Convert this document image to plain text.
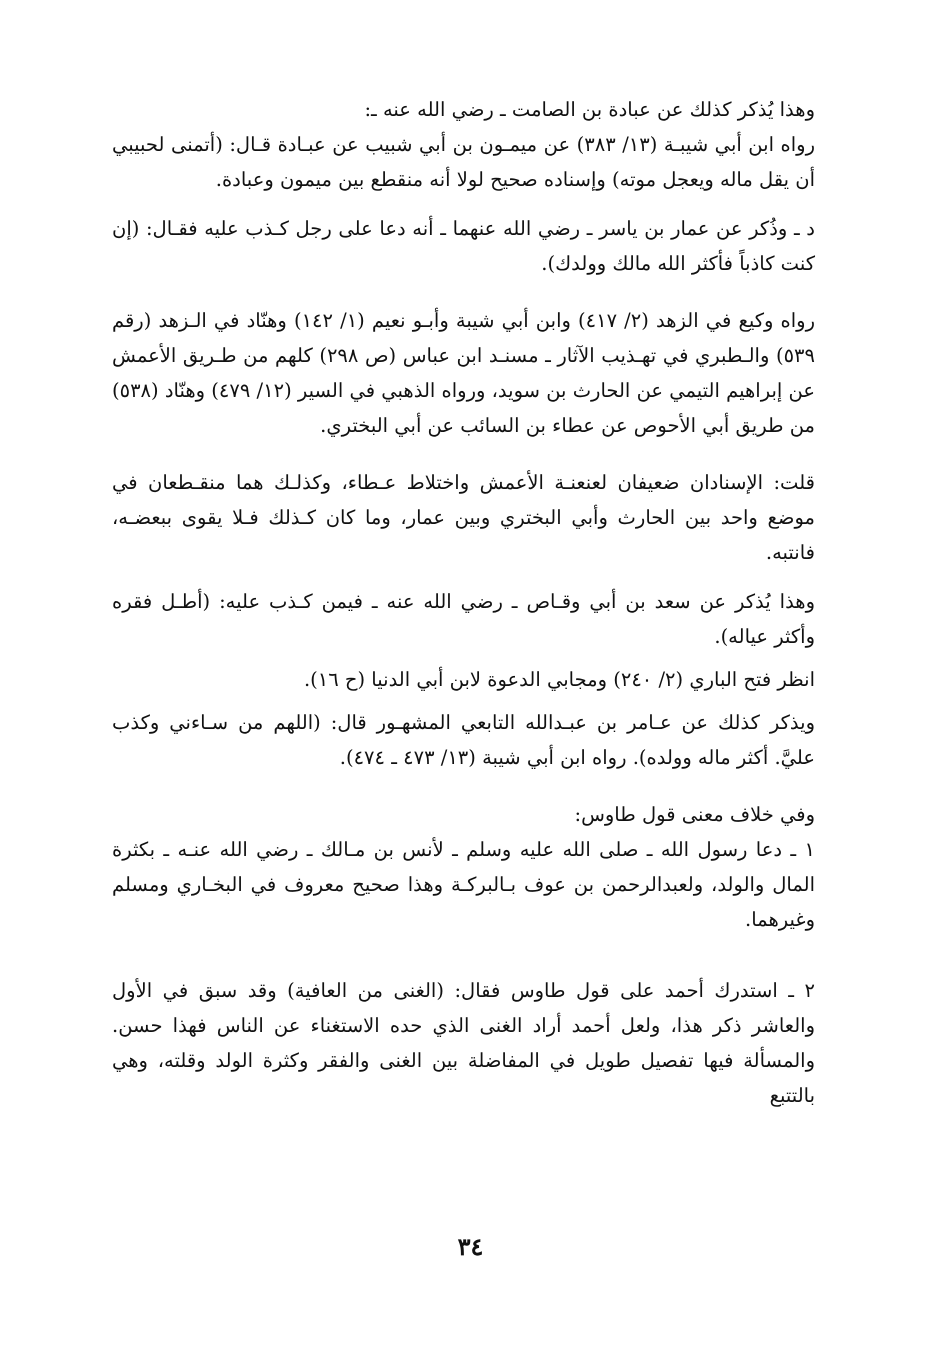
وهذا يُذكر كذلك عن عبادة بن الصامت ـ رضي الله عنه ـ:

رواه ابن أبي شيبـة (١٣/ ٣٨٣) عن ميمـون بن أبي شبيب عن عبـادة قـال: (أتمنى لحبيبي أن يقل ماله ويعجل موته) وإسناده صحيح لولا أنه منقطع بين ميمون وعبادة.

د ـ وذُكر عن عمار بن ياسر ـ رضي الله عنهما ـ أنه دعا على رجل كـذب عليه فقـال: (إن كنت كاذباً فأكثر الله مالك وولدك).

رواه وكيع في الزهد (٢/ ٤١٧) وابن أبي شيبة وأبـو نعيم (١/ ١٤٢) وهنّاد في الـزهد (رقم ٥٣٩) والـطبري في تهـذيب الآثار ـ مسنـد ابن عباس (ص ٢٩٨) كلهم من طـريق الأعمش عن إبراهيم التيمي عن الحارث بن سويد، ورواه الذهبي في السير (١٢/ ٤٧٩) وهنّاد (٥٣٨) من طريق أبي الأحوص عن عطاء بن السائب عن أبي البختري.

قلت: الإسنادان ضعيفان لعنعنـة الأعمش واختلاط عـطاء، وكذلـك هما منقـطعان في موضع واحد بين الحارث وأبي البختري وبين عمار، وما كان كـذلك فـلا يقوى ببعضـه، فانتبه.

وهذا يُذكر عن سعد بن أبي وقـاص ـ رضي الله عنه ـ فيمن كـذب عليه: (أطـل فقره وأكثر عياله).

انظر فتح الباري (٢/ ٢٤٠) ومجابي الدعوة لابن أبي الدنيا (ح ١٦).

ويذكر كذلك عن عـامر بن عبـدالله التابعي المشهـور قال: (اللهم من سـاءني وكذب عليَّ. أكثر ماله وولده). رواه ابن أبي شيبة (١٣/ ٤٧٣ ـ ٤٧٤).

وفي خلاف معنى قول طاوس:

١ ـ دعا رسول الله ـ صلى الله عليه وسلم ـ لأنس بن مـالك ـ رضي الله عنـه ـ بكثرة المال والولد، ولعبدالرحمن بن عوف بـالبركـة وهذا صحيح معروف في البخـاري ومسلم وغيرهما.

٢ ـ استدرك أحمد على قول طاوس فقال: (الغنى من العافية) وقد سبق في الأول والعاشر ذكر هذا، ولعل أحمد أراد الغنى الذي حده الاستغناء عن الناس فهذا حسن. والمسألة فيها تفصيل طويل في المفاضلة بين الغنى والفقر وكثرة الولد وقلته، وهي بالتتبع

٣٤
